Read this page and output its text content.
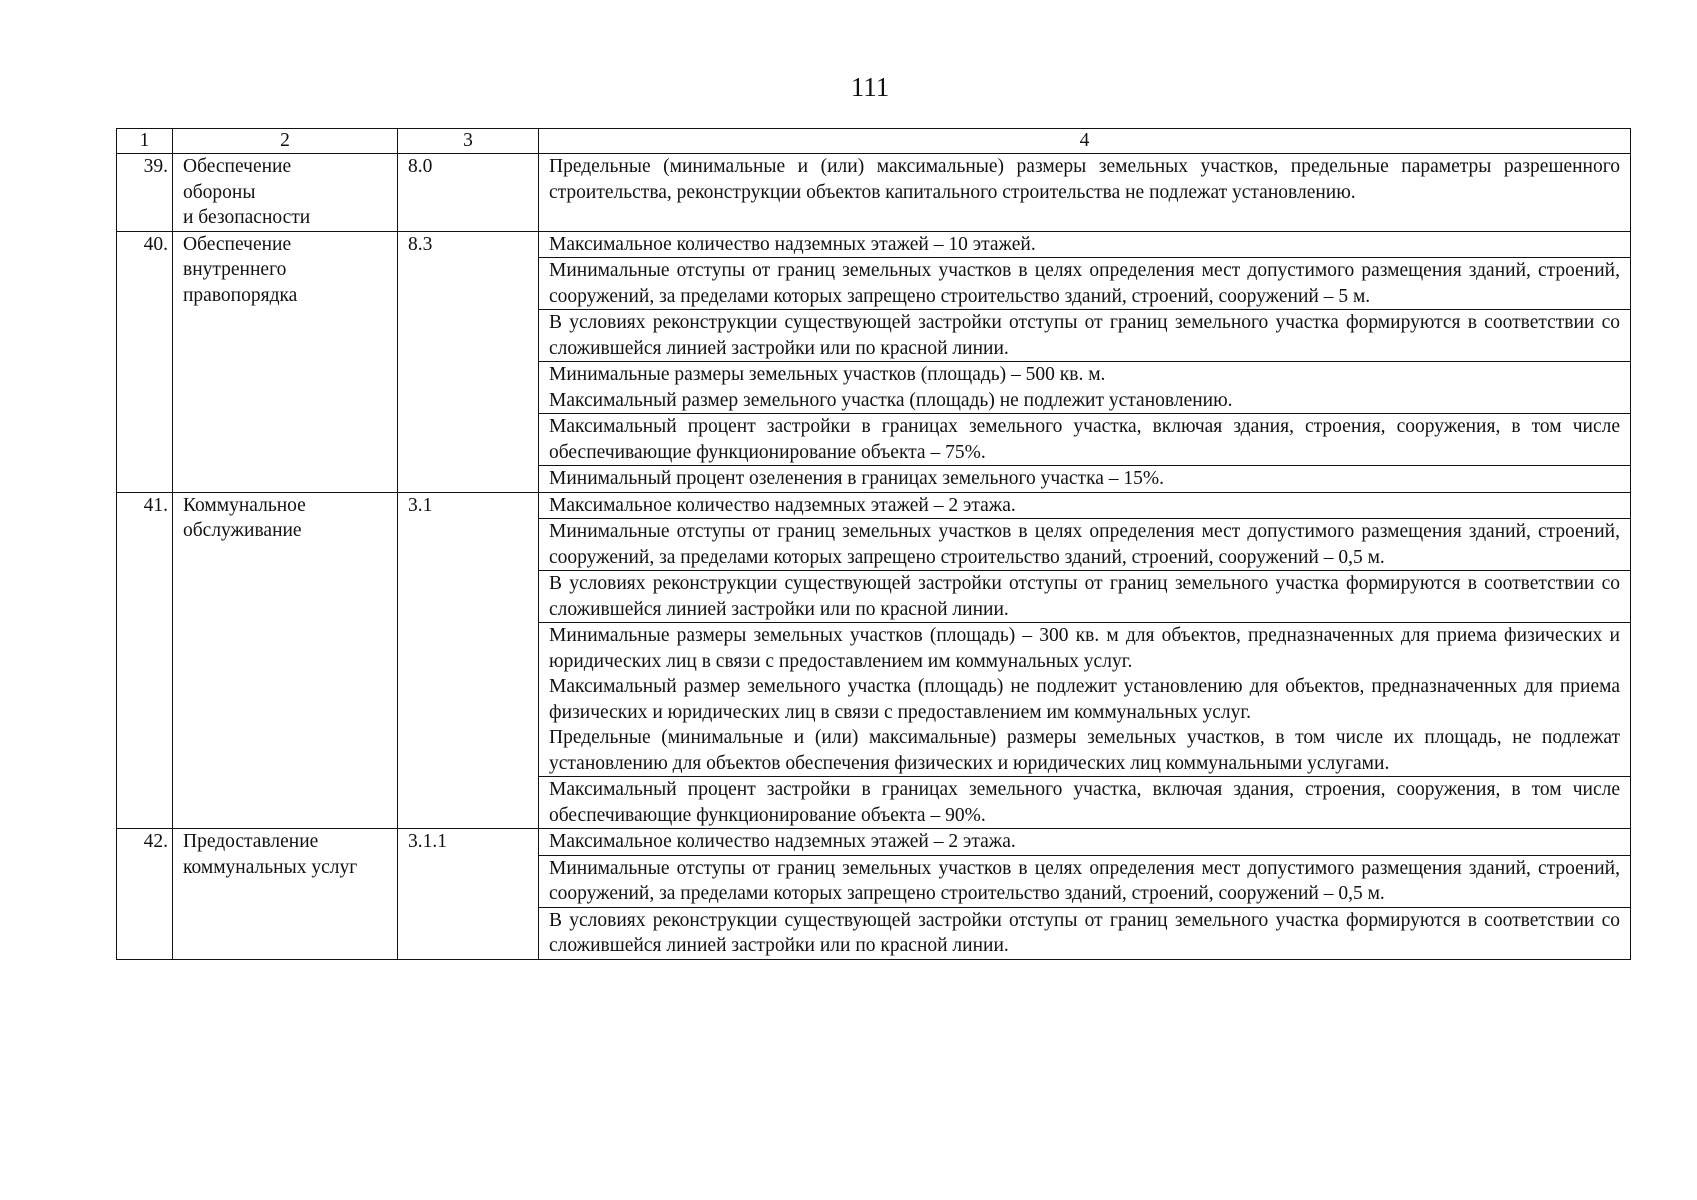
111
1	2	3	4
39.	Обеспечение
обороны
и безопасности	8.0	Предельные (минимальные и (или) максимальные) размеры земельных участков, предельные параметры разрешенного строительства, реконструкции объектов капитального строительства не подлежат установлению.

40.	Обеспечение
внутреннего
правопорядка	8.3	Максимальное количество надземных этажей – 10 этажей.

			Минимальные отступы от границ земельных участков в целях определения мест допустимого размещения зданий, строений, сооружений, за пределами которых запрещено строительство зданий, строений, сооружений – 5 м.

			В условиях реконструкции существующей застройки отступы от границ земельного участка формируются в соответствии со сложившейся линией застройки или по красной линии.

			Минимальные размеры земельных участков (площадь) – 500 кв. м.
Максимальный размер земельного участка (площадь) не подлежит установлению.

			Максимальный процент застройки в границах земельного участка, включая здания, строения, сооружения, в том числе обеспечивающие функционирование объекта – 75%.

			Минимальный процент озеленения в границах земельного участка – 15%.

41.	Коммунальное
обслуживание	3.1	Максимальное количество надземных этажей – 2 этажа.

			Минимальные отступы от границ земельных участков в целях определения мест допустимого размещения зданий, строений, сооружений, за пределами которых запрещено строительство зданий, строений, сооружений – 0,5 м.

			В условиях реконструкции существующей застройки отступы от границ земельного участка формируются в соответствии со сложившейся линией застройки или по красной линии.

			Минимальные размеры земельных участков (площадь) – 300 кв. м для объектов, предназначенных для приема физических и юридических лиц в связи с предоставлением им коммунальных услуг.
Максимальный размер земельного участка (площадь) не подлежит установлению для объектов, предназначенных для приема физических и юридических лиц в связи с предоставлением им коммунальных услуг.
Предельные (минимальные и (или) максимальные) размеры земельных участков, в том числе их площадь, не подлежат установлению для объектов обеспечения физических и юридических лиц коммунальными услугами.

			Максимальный процент застройки в границах земельного участка, включая здания, строения, сооружения, в том числе обеспечивающие функционирование объекта – 90%.

42.	Предоставление
коммунальных услуг	3.1.1	Максимальное количество надземных этажей – 2 этажа.

			Минимальные отступы от границ земельных участков в целях определения мест допустимого размещения зданий, строений, сооружений, за пределами которых запрещено строительство зданий, строений, сооружений – 0,5 м.

			В условиях реконструкции существующей застройки отступы от границ земельного участка формируются в соответствии со сложившейся линией застройки или по красной линии.
